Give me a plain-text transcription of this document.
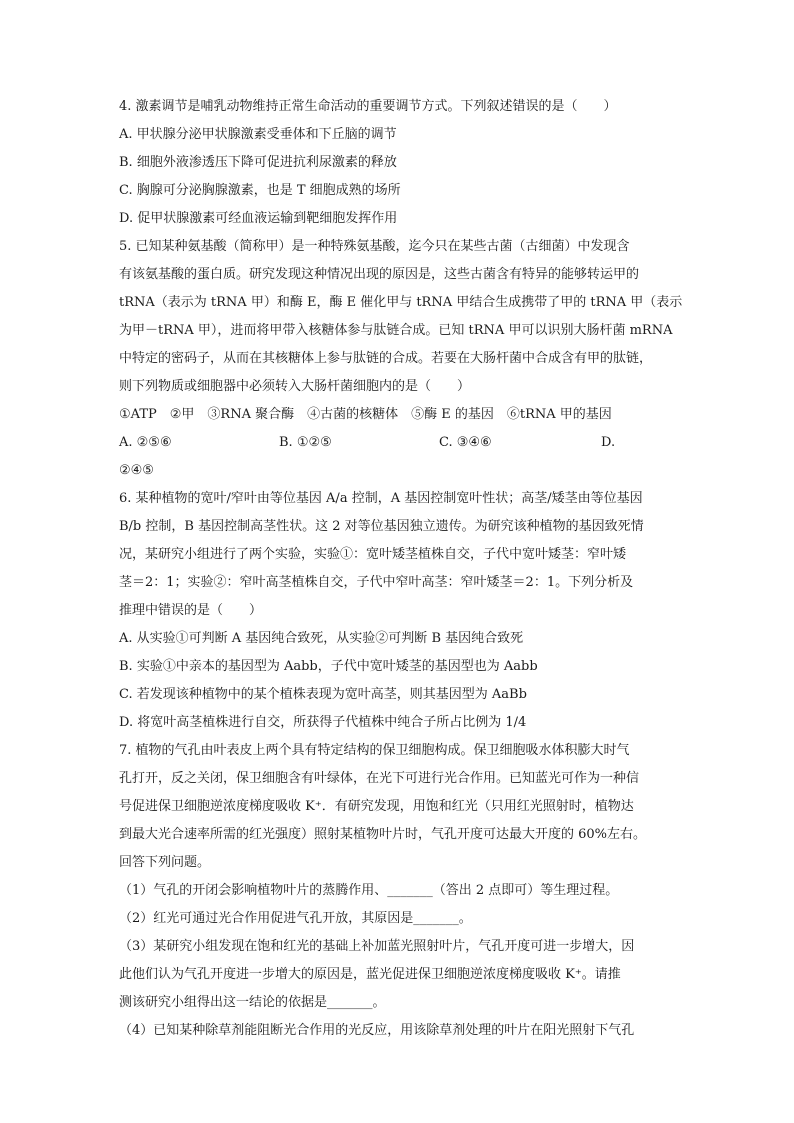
4. 激素调节是哺乳动物维持正常生命活动的重要调节方式。下列叙述错误的是（　　）
A. 甲状腺分泌甲状腺激素受垂体和下丘脑的调节
B. 细胞外液渗透压下降可促进抗利尿激素的释放
C. 胸腺可分泌胸腺激素，也是 T 细胞成熟的场所
D. 促甲状腺激素可经血液运输到靶细胞发挥作用
5. 已知某种氨基酸（简称甲）是一种特殊氨基酸，迄今只在某些古菌（古细菌）中发现含
有该氨基酸的蛋白质。研究发现这种情况出现的原因是，这些古菌含有特异的能够转运甲的
tRNA（表示为 tRNA 甲）和酶 E，酶 E 催化甲与 tRNA 甲结合生成携带了甲的 tRNA 甲（表示
为甲－tRNA 甲），进而将甲带入核糖体参与肽链合成。已知 tRNA 甲可以识别大肠杆菌 mRNA
中特定的密码子，从而在其核糖体上参与肽链的合成。若要在大肠杆菌中合成含有甲的肽链，
则下列物质或细胞器中必须转入大肠杆菌细胞内的是（　　）
①ATP　②甲　③RNA 聚合酶　④古菌的核糖体　⑤酶 E 的基因　⑥tRNA 甲的基因
A. ②⑤⑥	B. ①②⑤	C. ③④⑥	D.
②④⑤
6. 某种植物的宽叶/窄叶由等位基因 A/a 控制，A 基因控制宽叶性状；高茎/矮茎由等位基因
B/b 控制，B 基因控制高茎性状。这 2 对等位基因独立遗传。为研究该种植物的基因致死情
况，某研究小组进行了两个实验，实验①：宽叶矮茎植株自交，子代中宽叶矮茎：窄叶矮
茎＝2：1；实验②：窄叶高茎植株自交，子代中窄叶高茎：窄叶矮茎＝2：1。下列分析及
推理中错误的是（　　）
A. 从实验①可判断 A 基因纯合致死，从实验②可判断 B 基因纯合致死
B. 实验①中亲本的基因型为 Aabb，子代中宽叶矮茎的基因型也为 Aabb
C. 若发现该种植物中的某个植株表现为宽叶高茎，则其基因型为 AaBb
D. 将宽叶高茎植株进行自交，所获得子代植株中纯合子所占比例为 1/4
7. 植物的气孔由叶表皮上两个具有特定结构的保卫细胞构成。保卫细胞吸水体积膨大时气
孔打开，反之关闭，保卫细胞含有叶绿体，在光下可进行光合作用。已知蓝光可作为一种信
号促进保卫细胞逆浓度梯度吸收 K⁺．有研究发现，用饱和红光（只用红光照射时，植物达
到最大光合速率所需的红光强度）照射某植物叶片时，气孔开度可达最大开度的 60%左右。
回答下列问题。
（1）气孔的开闭会影响植物叶片的蒸腾作用、_______（答出 2 点即可）等生理过程。
（2）红光可通过光合作用促进气孔开放，其原因是_______。
（3）某研究小组发现在饱和红光的基础上补加蓝光照射叶片，气孔开度可进一步增大，因
此他们认为气孔开度进一步增大的原因是，蓝光促进保卫细胞逆浓度梯度吸收 K⁺。请推
测该研究小组得出这一结论的依据是_______。
（4）已知某种除草剂能阻断光合作用的光反应，用该除草剂处理的叶片在阳光照射下气孔
